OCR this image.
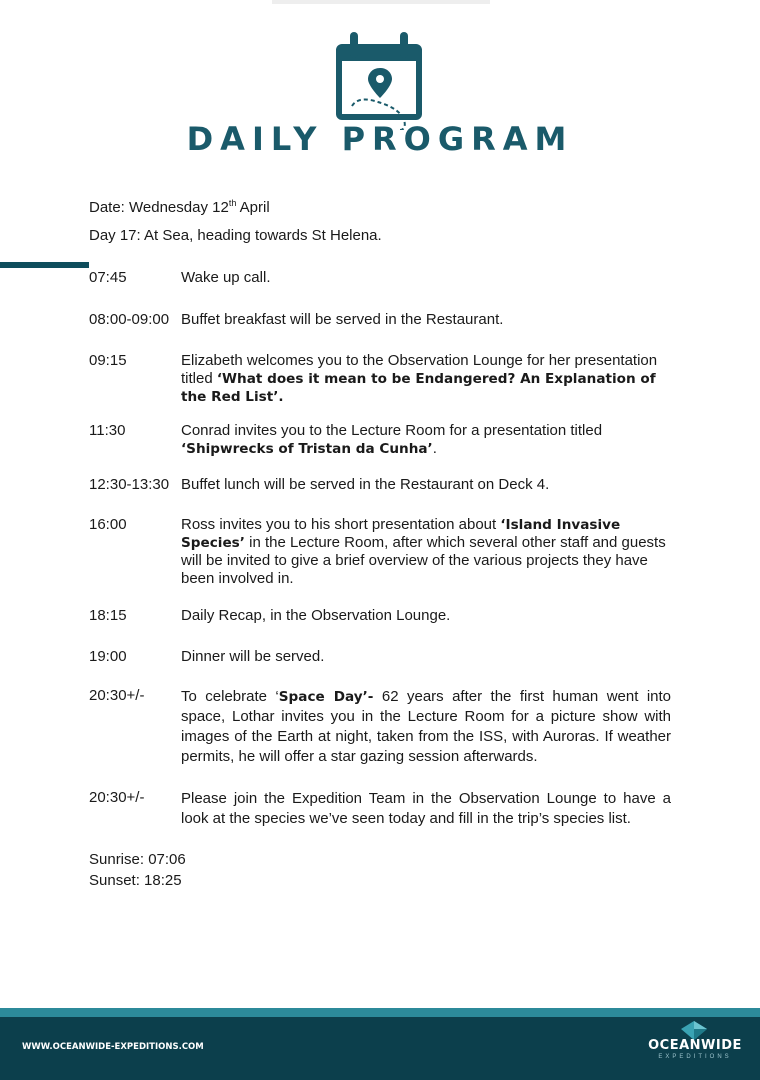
DAILY PROGRAM
Date: Wednesday 12th April
Day 17: At Sea, heading towards St Helena.
07:45	Wake up call.
08:00-09:00 Buffet breakfast will be served in the Restaurant.
09:15	Elizabeth welcomes you to the Observation Lounge for her presentation titled ‘What does it mean to be Endangered? An Explanation of the Red List’.
11:30	Conrad invites you to the Lecture Room for a presentation titled ‘Shipwrecks of Tristan da Cunha’.
12:30-13:30 Buffet lunch will be served in the Restaurant on Deck 4.
16:00	Ross invites you to his short presentation about ‘Island Invasive Species’ in the Lecture Room, after which several other staff and guests will be invited to give a brief overview of the various projects they have been involved in.
18:15	Daily Recap, in the Observation Lounge.
19:00	Dinner will be served.
20:30+/-	To celebrate ‘Space Day’- 62 years after the first human went into space, Lothar invites you in the Lecture Room for a picture show with images of the Earth at night, taken from the ISS, with Auroras. If weather permits, he will offer a star gazing session afterwards.
20:30+/-	Please join the Expedition Team in the Observation Lounge to have a look at the species we’ve seen today and fill in the trip’s species list.
Sunrise: 07:06
Sunset: 18:25
WWW.OCEANWIDE-EXPEDITIONS.COM	OCEANWIDE
EXPEDITIONS
